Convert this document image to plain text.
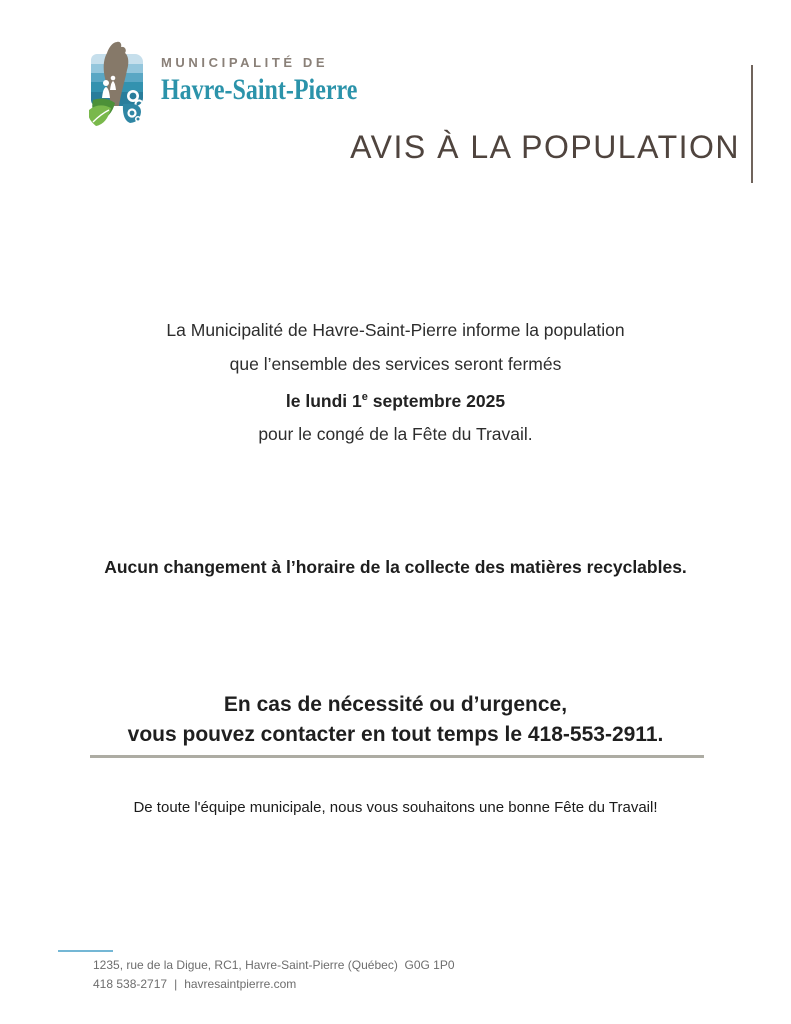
MUNICIPALITÉ DE
Havre-Saint-Pierre
AVIS À LA POPULATION
La Municipalité de Havre-Saint-Pierre informe la population
que l’ensemble des services seront fermés
le lundi 1e septembre 2025
pour le congé de la Fête du Travail.
Aucun changement à l’horaire de la collecte des matières recyclables.
En cas de nécessité ou d’urgence,
vous pouvez contacter en tout temps le 418-553-2911.
De toute l'équipe municipale, nous vous souhaitons une bonne Fête du Travail!
1235, rue de la Digue, RC1, Havre-Saint-Pierre (Québec)  G0G 1P0
418 538-2717 | havresaintpierre.com
